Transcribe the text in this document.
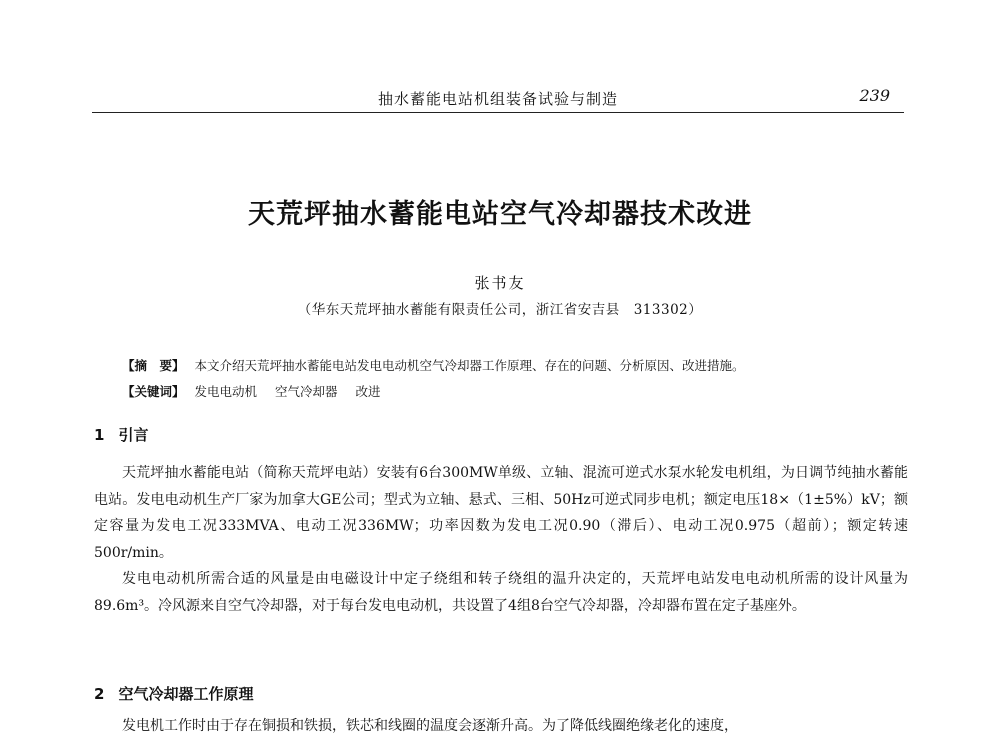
抽水蓄能电站机组装备试验与制造	239
天荒坪抽水蓄能电站空气冷却器技术改进
张书友
（华东天荒坪抽水蓄能有限责任公司，浙江省安吉县　313302）
【摘　要】 本文介绍天荒坪抽水蓄能电站发电电动机空气冷却器工作原理、存在的问题、分析原因、改进措施。
【关键词】 发电电动机 空气冷却器 改进
1 引言

天荒坪抽水蓄能电站（简称天荒坪电站）安装有6台300MW单级、立轴、混流可逆式水泵水轮发电机组，为日调节纯抽水蓄能电站。发电电动机生产厂家为加拿大GE公司；型式为立轴、悬式、三相、50Hz可逆式同步电机；额定电压18×（1±5%）kV；额定容量为发电工况333MVA、电动工况336MW；功率因数为发电工况0.90（滞后）、电动工况0.975（超前）；额定转速500r/min。

发电电动机所需合适的风量是由电磁设计中定子绕组和转子绕组的温升决定的，天荒坪电站发电电动机所需的设计风量为89.6m³。冷风源来自空气冷却器，对于每台发电电动机，共设置了4组8台空气冷却器，冷却器布置在定子基座外。

2 空气冷却器工作原理

发电机工作时由于存在铜损和铁损，铁芯和线圈的温度会逐渐升高。为了降低线圈绝缘老化的速度，
